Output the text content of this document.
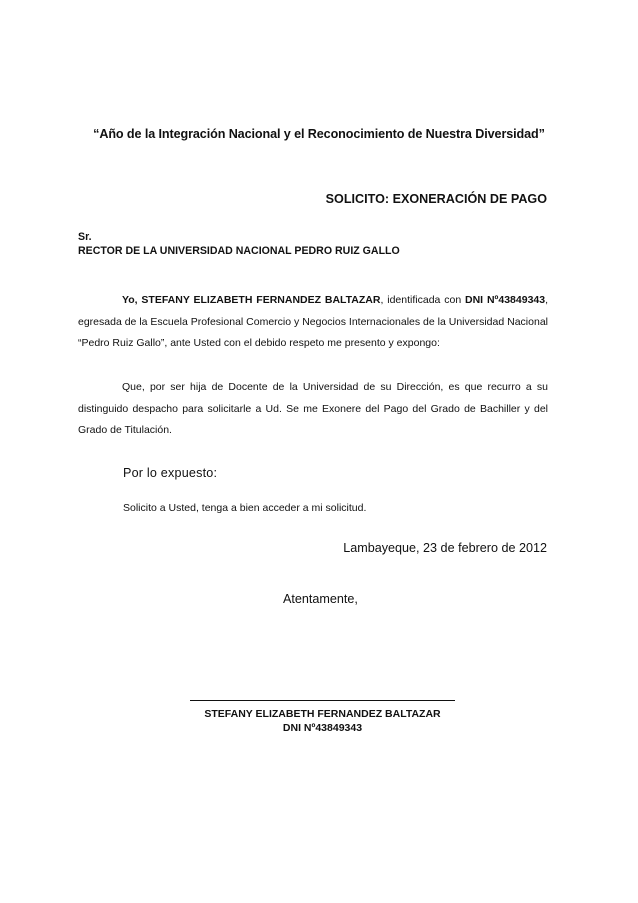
“Año de la Integración Nacional y el Reconocimiento de Nuestra Diversidad”
SOLICITO: EXONERACIÓN DE PAGO
Sr.
RECTOR DE LA UNIVERSIDAD NACIONAL PEDRO RUIZ GALLO
Yo, STEFANY ELIZABETH FERNANDEZ BALTAZAR, identificada con DNI Nº43849343, egresada de la Escuela Profesional Comercio y Negocios Internacionales de la Universidad Nacional “Pedro Ruiz Gallo”, ante Usted con el debido respeto me presento y expongo:
Que, por ser hija de Docente de la Universidad de su Dirección, es que recurro a su distinguido despacho para solicitarle a Ud. Se me Exonere del Pago del Grado de Bachiller y del Grado de Titulación.
Por lo expuesto:
Solicito a Usted, tenga a bien acceder a mi solicitud.
Lambayeque, 23 de febrero de 2012
Atentamente,
STEFANY ELIZABETH FERNANDEZ BALTAZAR
DNI Nº43849343
